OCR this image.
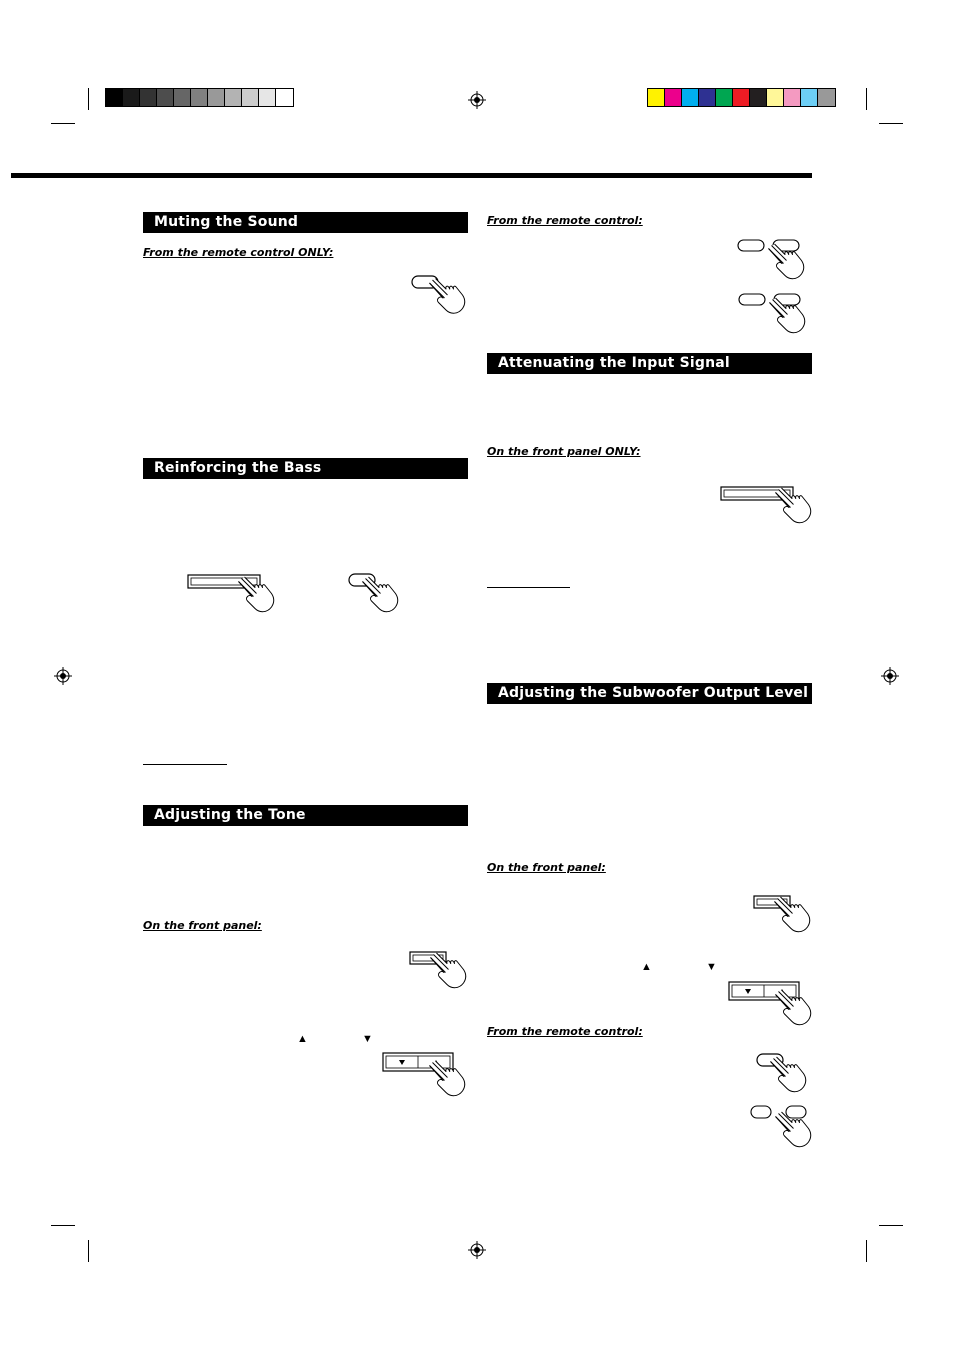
Muting the Sound
From the remote control ONLY:
Reinforcing the Bass
Adjusting the Tone
On the front panel:
▲	▼
From the remote control:
Attenuating the Input Signal
On the front panel ONLY:
Adjusting the Subwoofer Output Level
On the front panel:
▲	▼
From the remote control:
